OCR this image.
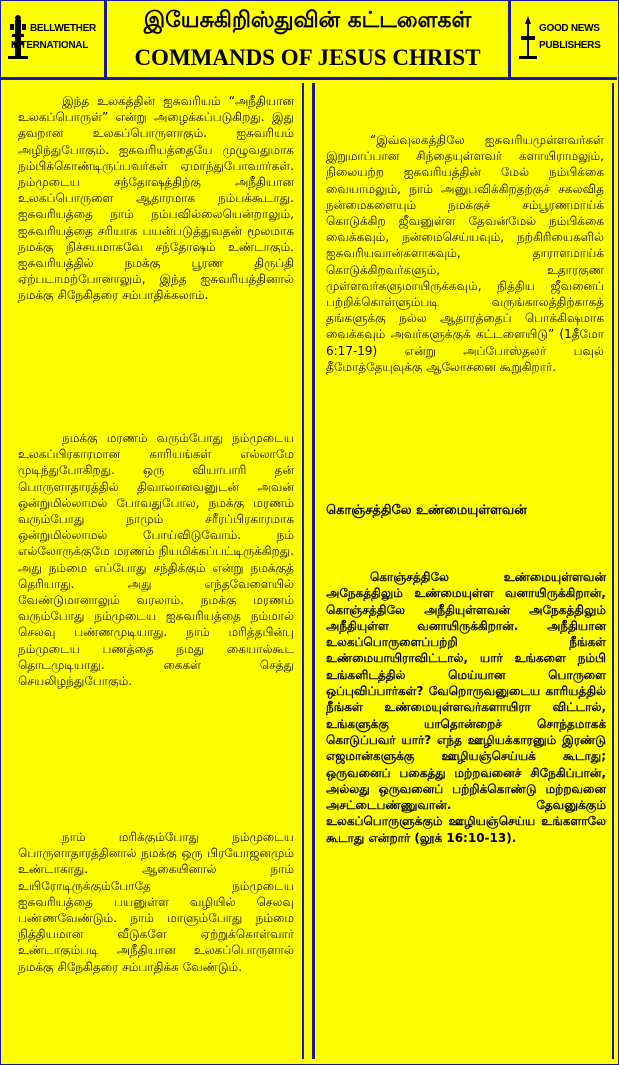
BELLWETHER
INTERNATIONAL
இயேசுகிறிஸ்துவின் கட்டளைகள்
COMMANDS OF JESUS CHRIST
GOOD NEWS
PUBLISHERS

இந்த உலகத்தின் ஐசுவரியம் “அநீதியான உலகப்பொருள்” என்று அழைக்கப்படுகிறது. இது தவறான உலகப்பொருளாகும். ஐசுவரியம் அழிந்துபோகும். ஐசுவரியத்தையே முழுவதுமாக நம்பிக்கொண்டிருப்பவர்கள் ஏமாந்துபோவார்கள். நம்முடைய சந்தோஷத்திற்கு அநீதியான உலகப்பொருளை ஆதாரமாக நம்பக்கூடாது. ஐசுவரியத்தை நாம் நம்பவில்லையென்றாலும், ஐசுவரியத்தை சரியாக பயன்படுத்துவதன் மூலமாக நமக்கு நிச்சயமாகவே சந்தோஷம் உண்டாகும். ஐசுவரியத்தில் நமக்கு பூரண திருப்தி ஏற்படாமற்போனாலும், இந்த ஐசுவரியத்தினால் நமக்கு சிநேகிதரை சம்பாதிக்கலாம்.

நமக்கு மரணம் வரும்போது நம்முடைய உலகப்பிரகாரமான காரியங்கள் எல்லாமே முடிந்துபோகிறது. ஒரு வியாபாரி தன் பொருளாதாரத்தில் திவாலானவனுடன் அவன் ஒன்றுமில்லாமல் போவதுபோல, நமக்கு மரணம் வரும்போது நாமும் சரீரப்பிரகாரமாக ஒன்றுமில்லாமல் போய்விடுவோம். நம் எல்லோருக்குமே மரணம் நியமிக்கப்பட்டிருக்கிறது. அது நம்மை எப்போது சந்திக்கும் என்று நமக்குத் தெரியாது. அது எந்தவேளையில் வேண்டுமானாலும் வரலாம். நமக்கு மரணம் வரும்போது நம்முடைய ஐசுவரியத்தை நம்மால் செலவு பண்ணமுடியாது. நாம் மரித்தபின்பு நம்முடைய பணத்தை நமது கையால்கூட தொடமுடியாது. கைகள் செத்து செயலிழந்துபோகும்.

நாம் மரிக்கும்போது நம்முடைய பொருளாதாரத்தினால் நமக்கு ஒரு பிரயோஜனமும் உண்டாகாது. ஆகையினால் நாம் உயிரோடிருக்கும்போதே நம்முடைய ஐசுவரியத்தை பயனுள்ள வழியில் செலவு பண்ணவேண்டும். நாம் மாளும்போது நம்மை நித்தியமான வீடுகளே ஏற்றுக்கொள்வார் உண்டாகும்படி அநீதியான உலகப்பொருளால் நமக்கு சிநேகிதரை சம்பாதிக்க வேண்டும்.

“இவ்வுலகத்திலே ஐசுவரியமுள்ளவர்கள் இறுமாப்பான சிந்தையுள்ளவர் களாயிராமலும், நிலையற்ற ஐசுவரியத்தின் மேல் நம்பிக்கை வையாமலும், நாம் அனுபவிக்கிறதற்குச் சகலவித நன்மைகளையும் நமக்குச் சம்பூரணமாய்க் கொடுக்கிற ஜீவனுள்ள தேவன்மேல் நம்பிக்கை வைக்கவும், நன்மைசெய்யவும், நற்கிரியைகளில் ஐசுவரியவான்களாகவும், தாராளமாய்க் கொடுக்கிறவர்களும், உதாரகுண முள்ளவர்களுமாயிருக்கவும், நித்திய ஜீவனைப் பற்றிக்கொள்ளும்படி வருங்காலத்திற்காகத் தங்களுக்கு நல்ல ஆதாரத்தைப் பொக்கிஷமாக வைக்கவும் அவர்களுக்குக் கட்டளையிடு” (1தீமோ 6:17-19) என்று அப்போஸ்தலர் பவுல் தீமோத்தேயுவுக்கு ஆலோசனை கூறுகிறார்.

கொஞ்சத்திலே உண்மையுள்ளவன்

கொஞ்சத்திலே உண்மையுள்ளவன் அநேகத்திலும் உண்மையுள்ள வனாயிருக்கிறான், கொஞ்சத்திலே அநீதியுள்ளவன் அநேகத்திலும் அநீதியுள்ள வனாயிருக்கிறான். அநீதியான உலகப்பொருளைப்பற்றி நீங்கள் உண்மையாயிராவிட்டால், யார் உங்களை நம்பி உங்களிடத்தில் மெய்யான பொருளை ஒப்புவிப்பார்கள்? வேறொருவனுடைய காரியத்தில் நீங்கள் உண்மையுள்ளவர்களாயிரா விட்டால், உங்களுக்கு யாதொன்றைச் சொந்தமாகக் கொடுப்பவர் யார்? எந்த ஊழியக்காரனும் இரண்டு எஜமான்களுக்கு ஊழியஞ்செய்யக் கூடாது; ஒருவனைப் பகைத்து மற்றவனைச் சிநேகிப்பான், அல்லது ஒருவனைப் பற்றிக்கொண்டு மற்றவனை அசட்டைபண்ணுவான். தேவனுக்கும் உலகப்பொருளுக்கும் ஊழியஞ்செய்ய உங்களாலே கூடாது என்றார் (லூக் 16:10-13).
